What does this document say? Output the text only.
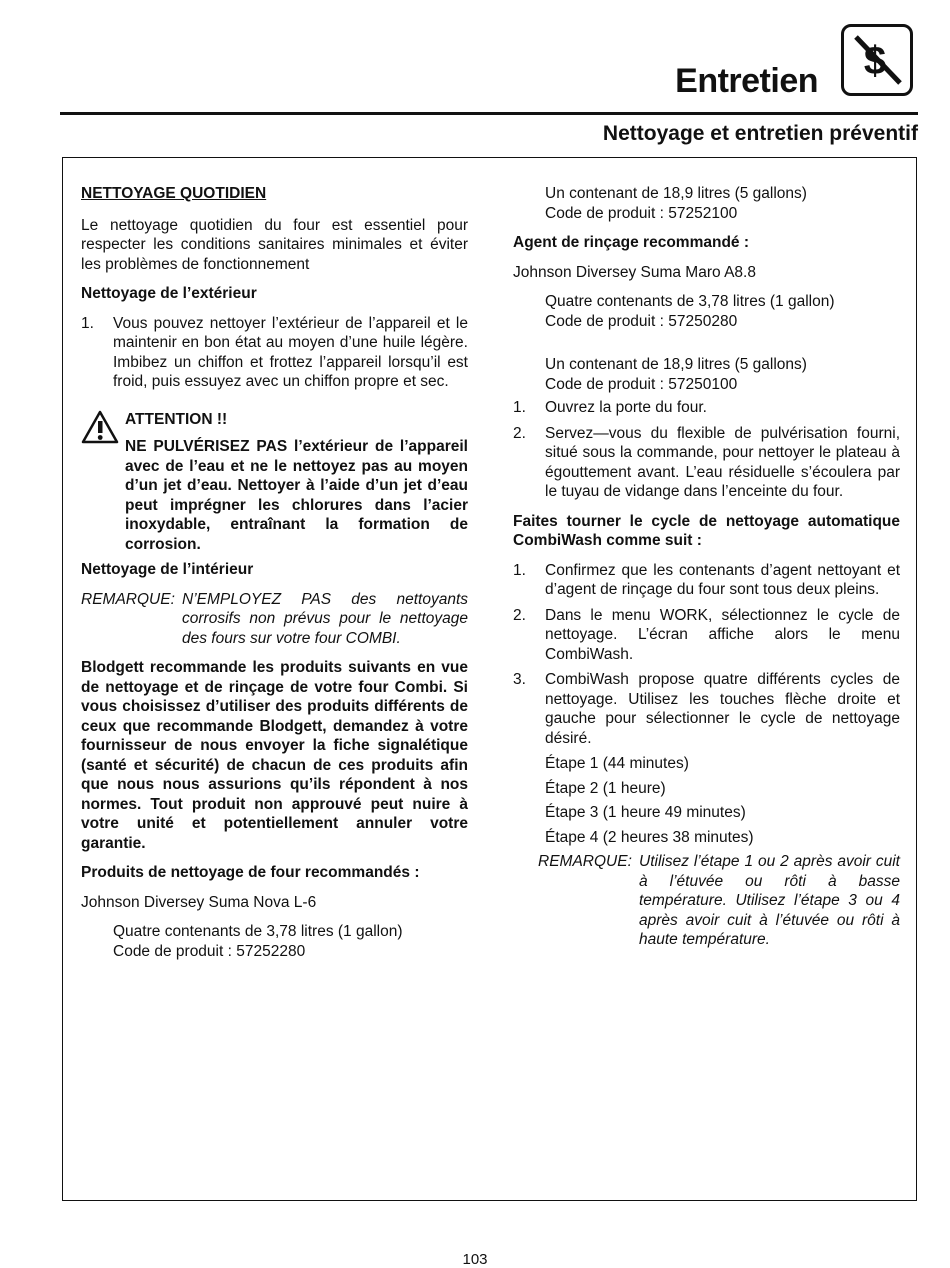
Entretien $
Nettoyage et entretien préventif

NETTOYAGE QUOTIDIEN

Le nettoyage quotidien du four est essentiel pour respecter les conditions sanitaires minimales et éviter les problèmes de fonctionnement

Nettoyage de l’extérieur

1.	Vous pouvez nettoyer l’extérieur de l’appareil et le maintenir en bon état au moyen d’une huile légère. Imbibez un chiffon et frottez l’appareil lorsqu’il est froid, puis essuyez avec un chiffon propre et sec.

ATTENTION !!

NE PULVÉRISEZ PAS l’extérieur de l’appareil avec de l’eau et ne le nettoyez pas au moyen d’un jet d’eau. Nettoyer à l’aide d’un jet d’eau peut imprégner les chlorures dans l’acier inoxydable, entraînant la formation de corrosion.

Nettoyage de l’intérieur

REMARQUE: N’EMPLOYEZ PAS des nettoyants corrosifs non prévus pour le nettoyage des fours sur votre four COMBI.

Blodgett recommande les produits suivants en vue de nettoyage et de rinçage de votre four Combi. Si vous choisissez d’utiliser des produits différents de ceux que recommande Blodgett, demandez à votre fournisseur de nous envoyer la fiche signalétique (santé et sécurité) de chacun de ces produits afin que nous nous assurions qu’ils répondent à nos normes. Tout produit non approuvé peut nuire à votre unité et potentiellement annuler votre garantie.

Produits de nettoyage de four recommandés :

Johnson Diversey Suma Nova L-6

Quatre contenants de 3,78 litres (1 gallon)

Code de produit : 57252280

Un contenant de 18,9 litres (5 gallons)

Code de produit : 57252100

Agent de rinçage recommandé :

Johnson Diversey Suma Maro A8.8

Quatre contenants de 3,78 litres (1 gallon)

Code de produit : 57250280

Un contenant de 18,9 litres (5 gallons)

Code de produit : 57250100

1.	Ouvrez la porte du four.
2.	Servez—vous du flexible de pulvérisation fourni, situé sous la commande, pour nettoyer le plateau à égouttement avant. L’eau résiduelle s’écoulera par le tuyau de vidange dans l’enceinte du four.

Faites tourner le cycle de nettoyage automatique CombiWash comme suit :

1.	Confirmez que les contenants d’agent nettoyant et d’agent de rinçage du four sont tous deux pleins.
2.	Dans le menu WORK, sélectionnez le cycle de nettoyage. L’écran affiche alors le menu CombiWash.
3.	CombiWash propose quatre différents cycles de nettoyage. Utilisez les touches flèche droite et gauche pour sélectionner le cycle de nettoyage désiré.

Étape 1 (44 minutes)

Étape 2 (1 heure)

Étape 3 (1 heure 49 minutes)

Étape 4 (2 heures 38 minutes)

REMARQUE: Utilisez l’étape 1 ou 2 après avoir cuit à l’étuvée ou rôti à basse température. Utilisez l’étape 3 ou 4 après avoir cuit à l’étuvée ou rôti à haute température.
103
